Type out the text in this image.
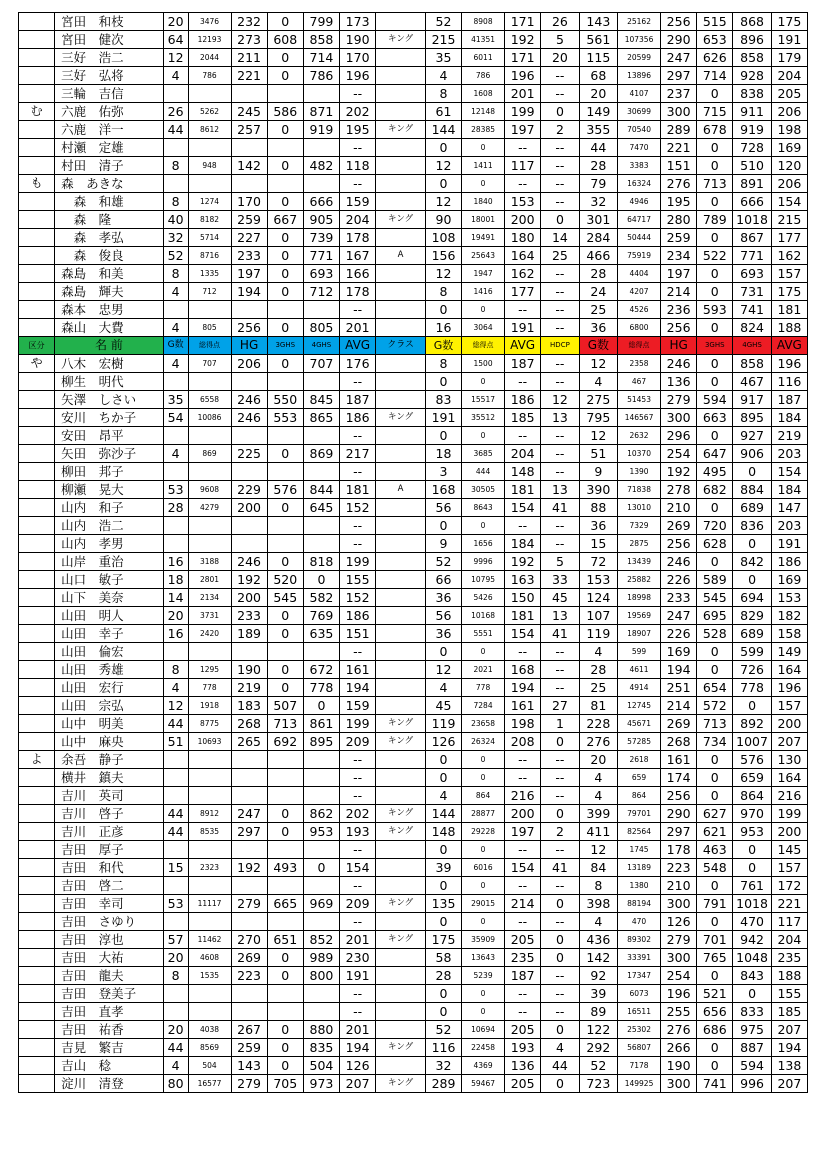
	宮田　和枝	20	3476	232	0	799	173		52	8908	171	26	143	25162	256	515	868	175
	宮田　健次	64	12193	273	608	858	190	キング	215	41351	192	5	561	107356	290	653	896	191
	三好　浩二	12	2044	211	0	714	170		35	6011	171	20	115	20599	247	626	858	179
	三好　弘将	4	786	221	0	786	196		4	786	196	--	68	13896	297	714	928	204
	三輪　吉信						--		8	1608	201	--	20	4107	237	0	838	205
む	六鹿　佑弥	26	5262	245	586	871	202		61	12148	199	0	149	30699	300	715	911	206
	六鹿　洋一	44	8612	257	0	919	195	キング	144	28385	197	2	355	70540	289	678	919	198
	村瀬　定雄						--		0	0	--	--	44	7470	221	0	728	169
	村田　清子	8	948	142	0	482	118		12	1411	117	--	28	3383	151	0	510	120
も	森　あきな						--		0	0	--	--	79	16324	276	713	891	206
	　森　和雄	8	1274	170	0	666	159		12	1840	153	--	32	4946	195	0	666	154
	　森　隆	40	8182	259	667	905	204	キング	90	18001	200	0	301	64717	280	789	1018	215
	　森　孝弘	32	5714	227	0	739	178		108	19491	180	14	284	50444	259	0	867	177
	　森　俊良	52	8716	233	0	771	167	A	156	25643	164	25	466	75919	234	522	771	162
	森島　和美	8	1335	197	0	693	166		12	1947	162	--	28	4404	197	0	693	157
	森島　輝夫	4	712	194	0	712	178		8	1416	177	--	24	4207	214	0	731	175
	森本　忠男						--		0	0	--	--	25	4526	236	593	741	181
	森山　大費	4	805	256	0	805	201		16	3064	191	--	36	6800	256	0	824	188
区分	名 前	G数	総得点	HG	3GHS	4GHS	AVG	クラス	G数	総得点	AVG	HDCP	G数	総得点	HG	3GHS	4GHS	AVG
や	八木　宏樹	4	707	206	0	707	176		8	1500	187	--	12	2358	246	0	858	196
	柳生　明代						--		0	0	--	--	4	467	136	0	467	116
	矢澤　しさい	35	6558	246	550	845	187		83	15517	186	12	275	51453	279	594	917	187
	安川　ちか子	54	10086	246	553	865	186	キング	191	35512	185	13	795	146567	300	663	895	184
	安田　昂平						--		0	0	--	--	12	2632	296	0	927	219
	矢田　弥沙子	4	869	225	0	869	217		18	3685	204	--	51	10370	254	647	906	203
	柳田　邦子						--		3	444	148	--	9	1390	192	495	0	154
	柳瀬　晃大	53	9608	229	576	844	181	A	168	30505	181	13	390	71838	278	682	884	184
	山内　和子	28	4279	200	0	645	152		56	8643	154	41	88	13010	210	0	689	147
	山内　浩二						--		0	0	--	--	36	7329	269	720	836	203
	山内　孝男						--		9	1656	184	--	15	2875	256	628	0	191
	山岸　重治	16	3188	246	0	818	199		52	9996	192	5	72	13439	246	0	842	186
	山口　敏子	18	2801	192	520	0	155		66	10795	163	33	153	25882	226	589	0	169
	山下　美奈	14	2134	200	545	582	152		36	5426	150	45	124	18998	233	545	694	153
	山田　明人	20	3731	233	0	769	186		56	10168	181	13	107	19569	247	695	829	182
	山田　幸子	16	2420	189	0	635	151		36	5551	154	41	119	18907	226	528	689	158
	山田　倫宏						--		0	0	--	--	4	599	169	0	599	149
	山田　秀雄	8	1295	190	0	672	161		12	2021	168	--	28	4611	194	0	726	164
	山田　宏行	4	778	219	0	778	194		4	778	194	--	25	4914	251	654	778	196
	山田　宗弘	12	1918	183	507	0	159		45	7284	161	27	81	12745	214	572	0	157
	山中　明美	44	8775	268	713	861	199	キング	119	23658	198	1	228	45671	269	713	892	200
	山中　麻央	51	10693	265	692	895	209	キング	126	26324	208	0	276	57285	268	734	1007	207
よ	余吾　静子						--		0	0	--	--	20	2618	161	0	576	130
	横井　鎮夫						--		0	0	--	--	4	659	174	0	659	164
	吉川　英司						--		4	864	216	--	4	864	256	0	864	216
	吉川　啓子	44	8912	247	0	862	202	キング	144	28877	200	0	399	79701	290	627	970	199
	吉川　正彦	44	8535	297	0	953	193	キング	148	29228	197	2	411	82564	297	621	953	200
	吉田　厚子						--		0	0	--	--	12	1745	178	463	0	145
	吉田　和代	15	2323	192	493	0	154		39	6016	154	41	84	13189	223	548	0	157
	吉田　啓二						--		0	0	--	--	8	1380	210	0	761	172
	吉田　幸司	53	11117	279	665	969	209	キング	135	29015	214	0	398	88194	300	791	1018	221
	吉田　さゆり						--		0	0	--	--	4	470	126	0	470	117
	吉田　淳也	57	11462	270	651	852	201	キング	175	35909	205	0	436	89302	279	701	942	204
	吉田　大祐	20	4608	269	0	989	230		58	13643	235	0	142	33391	300	765	1048	235
	吉田　龍夫	8	1535	223	0	800	191		28	5239	187	--	92	17347	254	0	843	188
	吉田　登美子						--		0	0	--	--	39	6073	196	521	0	155
	吉田　直孝						--		0	0	--	--	89	16511	255	656	833	185
	吉田　祐香	20	4038	267	0	880	201		52	10694	205	0	122	25302	276	686	975	207
	吉見　繁吉	44	8569	259	0	835	194	キング	116	22458	193	4	292	56807	266	0	887	194
	吉山　稔	4	504	143	0	504	126		32	4369	136	44	52	7178	190	0	594	138
	淀川　清登	80	16577	279	705	973	207	キング	289	59467	205	0	723	149925	300	741	996	207
